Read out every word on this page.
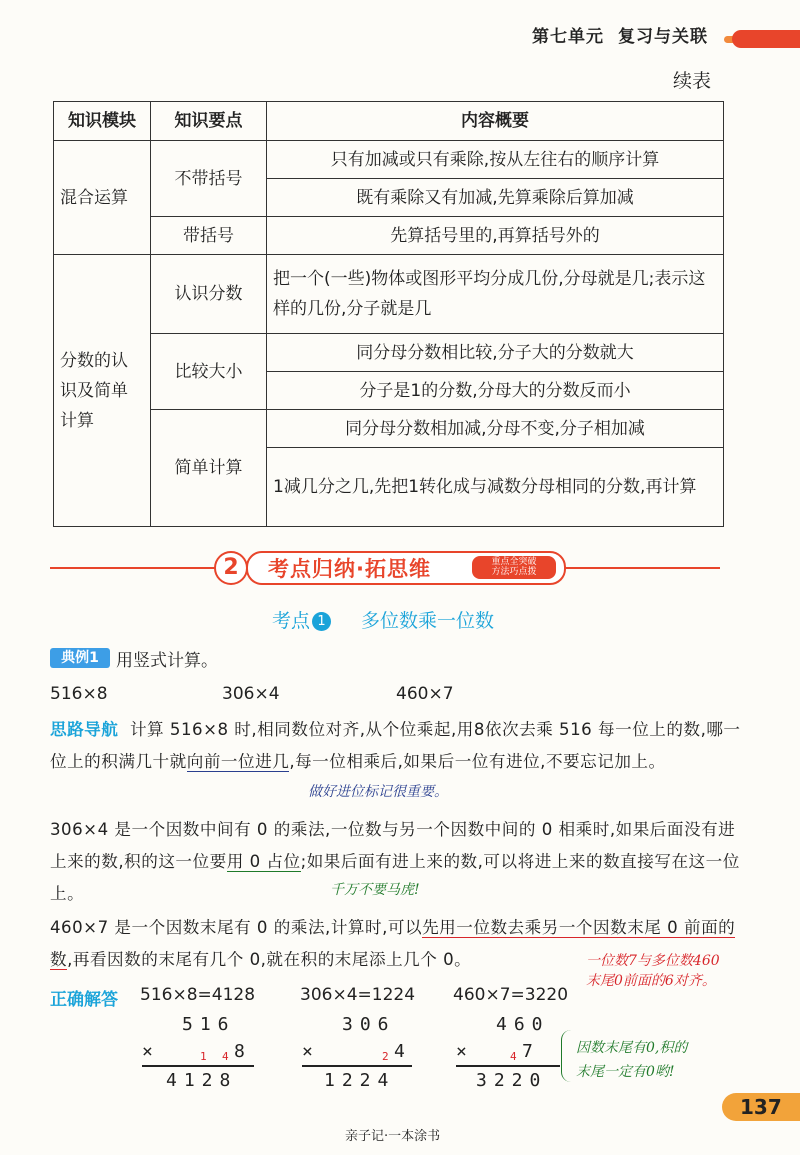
第七单元 复习与关联
续表
知识模块	知识要点	内容概要
混合运算	不带括号	只有加减或只有乘除,按从左往右的顺序计算
		既有乘除又有加减,先算乘除后算加减
	带括号	先算括号里的,再算括号外的
分数的认识及简单计算	认识分数	把一个(一些)物体或图形平均分成几份,分母就是几;表示这样的几份,分子就是几
	比较大小	同分母分数相比较,分子大的分数就大
		分子是1的分数,分母大的分数反而小
	简单计算	同分母分数相加减,分母不变,分子相加减
		1减几分之几,先把1转化成与减数分母相同的分数,再计算
2	考点归纳·拓思维	重点全突破
方法巧点拨
考点 1 多位数乘一位数
典例1	用竖式计算。
516×8	306×4	460×7
思路导航 计算 516×8 时,相同数位对齐,从个位乘起,用8依次去乘 516 每一位上的数,哪一位上的积满几十就向前一位进几,每一位相乘后,如果后一位有进位,不要忘记加上。
做好进位标记很重要。
306×4 是一个因数中间有 0 的乘法,一位数与另一个因数中间的 0 相乘时,如果后面没有进上来的数,积的这一位要用 0 占位;如果后面有进上来的数,可以将进上来的数直接写在这一位上。	千万不要马虎!
460×7 是一个因数末尾有 0 的乘法,计算时,可以先用一位数去乘另一个因数末尾 0 前面的数,再看因数的末尾有几个 0,就在积的末尾添上几个 0。	一位数7与多位数460
末尾0前面的6对齐。
正确解答 516×8=4128	306×4=1224 460×7=3220
516
×	1 4 8
4128
306
×	2 4
1224
460
×	4 7
3220
因数末尾有0,积的
末尾一定有0哟!
亲子记·一本涂书
137
